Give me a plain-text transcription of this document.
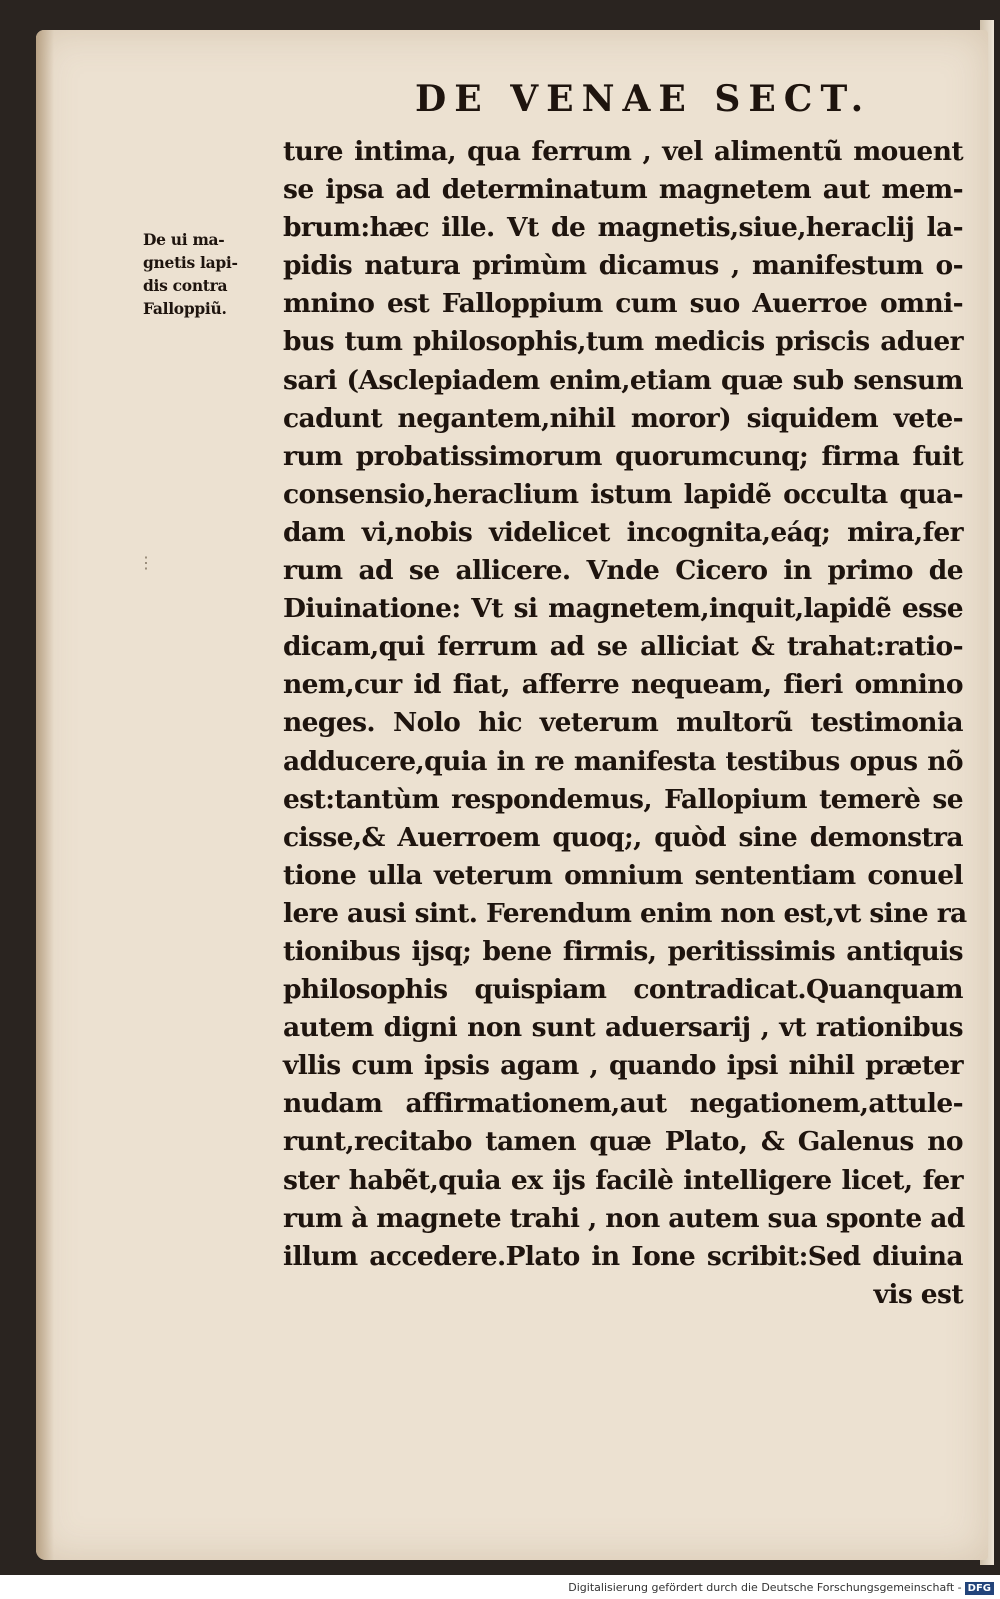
DE VENAE SECT.
De ui ma-
gnetis lapi-
dis contra
Falloppiũ.
⋮
ture intima, qua ferrum , vel alimentũ mouent
se ipsa ad determinatum magnetem aut mem-
brum:hæc ille. Vt de magnetis,siue,heraclij la-
pidis natura primùm dicamus , manifestum o-
mnino est Falloppium cum suo Auerroe omni-
bus tum philosophis,tum medicis priscis aduer
sari (Asclepiadem enim,etiam quæ sub sensum
cadunt negantem,nihil moror) siquidem vete-
rum probatissimorum quorumcunq; firma fuit
consensio,heraclium istum lapidẽ occulta qua-
dam vi,nobis videlicet incognita,eáq; mira,fer
rum ad se allicere. Vnde Cicero in primo de
Diuinatione: Vt si magnetem,inquit,lapidẽ esse
dicam,qui ferrum ad se alliciat & trahat:ratio-
nem,cur id fiat, afferre nequeam, fieri omnino
neges. Nolo hic veterum multorũ testimonia
adducere,quia in re manifesta testibus opus nõ
est:tantùm respondemus, Fallopium temerè se
cisse,& Auerroem quoq;, quòd sine demonstra
tione ulla veterum omnium sententiam conuel
lere ausi sint. Ferendum enim non est,vt sine ra
tionibus ijsq; bene firmis, peritissimis antiquis
philosophis quispiam contradicat.Quanquam
autem digni non sunt aduersarij , vt rationibus
vllis cum ipsis agam , quando ipsi nihil præter
nudam affirmationem,aut negationem,attule-
runt,recitabo tamen quæ Plato, & Galenus no
ster habẽt,quia ex ijs facilè intelligere licet, fer
rum à magnete trahi , non autem sua sponte ad
illum accedere.Plato in Ione scribit:Sed diuina
vis est
Digitalisierung gefördert durch die Deutsche Forschungsgemeinschaft - DFG
